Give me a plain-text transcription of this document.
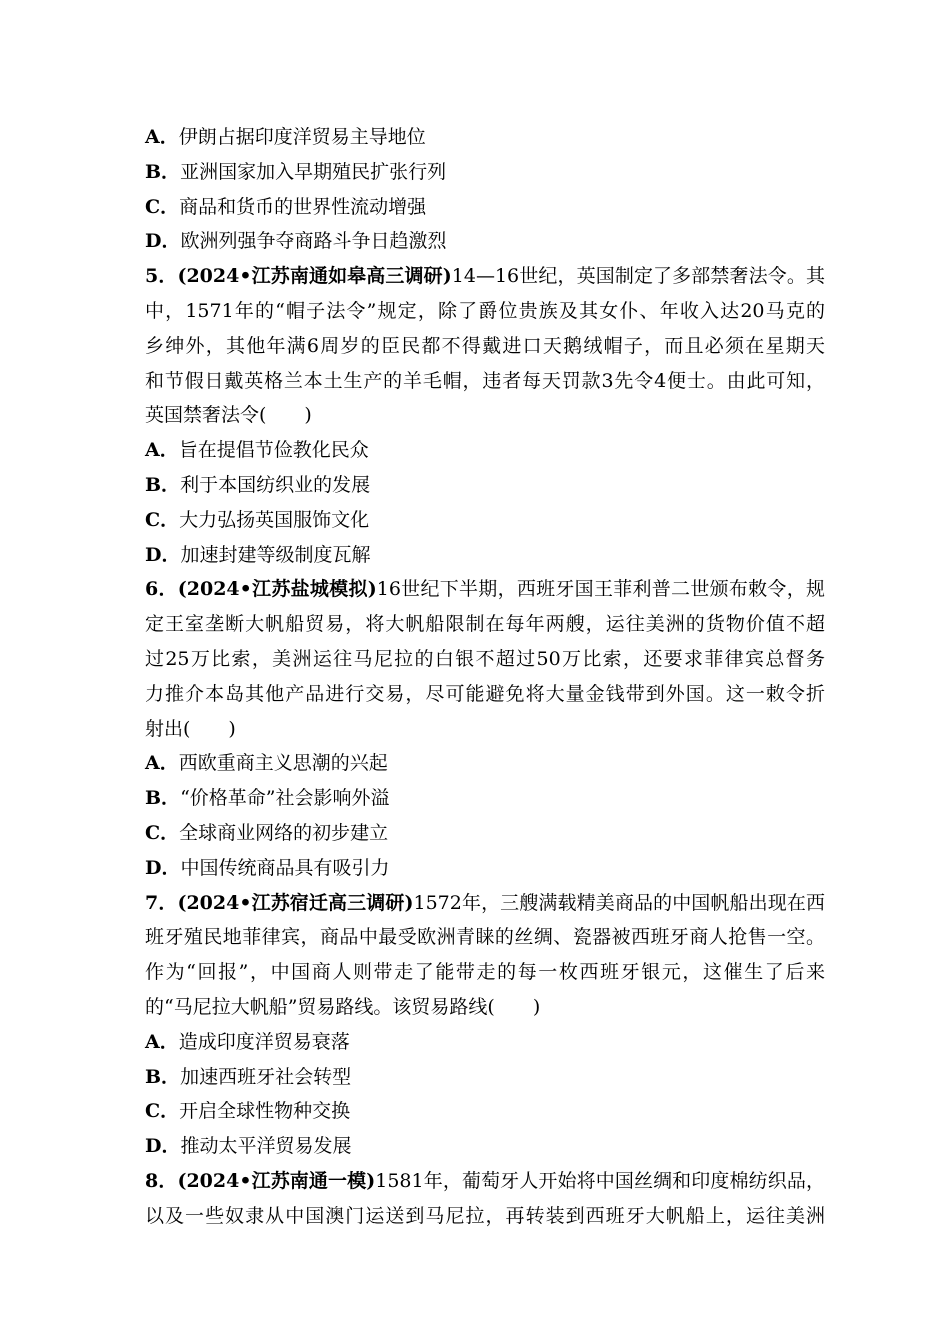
A．伊朗占据印度洋贸易主导地位
B．亚洲国家加入早期殖民扩张行列
C．商品和货币的世界性流动增强
D．欧洲列强争夺商路斗争日趋激烈
5．(2024•江苏南通如皋高三调研)14—16世纪，英国制定了多部禁奢法令。其
中，1571年的“帽子法令”规定，除了爵位贵族及其女仆、年收入达20马克的
乡绅外，其他年满6周岁的臣民都不得戴进口天鹅绒帽子，而且必须在星期天
和节假日戴英格兰本土生产的羊毛帽，违者每天罚款3先令4便士。由此可知，
英国禁奢法令(　　)
A．旨在提倡节俭教化民众
B．利于本国纺织业的发展
C．大力弘扬英国服饰文化
D．加速封建等级制度瓦解
6．(2024•江苏盐城模拟)16世纪下半期，西班牙国王菲利普二世颁布敕令，规
定王室垄断大帆船贸易，将大帆船限制在每年两艘，运往美洲的货物价值不超
过25万比索，美洲运往马尼拉的白银不超过50万比索，还要求菲律宾总督务
力推介本岛其他产品进行交易，尽可能避免将大量金钱带到外国。这一敕令折
射出(　　)
A．西欧重商主义思潮的兴起
B．“价格革命”社会影响外溢
C．全球商业网络的初步建立
D．中国传统商品具有吸引力
7．(2024•江苏宿迁高三调研)1572年，三艘满载精美商品的中国帆船出现在西
班牙殖民地菲律宾，商品中最受欧洲青睐的丝绸、瓷器被西班牙商人抢售一空。
作为“回报”，中国商人则带走了能带走的每一枚西班牙银元，这催生了后来
的“马尼拉大帆船”贸易路线。该贸易路线(　　)
A．造成印度洋贸易衰落
B．加速西班牙社会转型
C．开启全球性物种交换
D．推动太平洋贸易发展
8．(2024•江苏南通一模)1581年，葡萄牙人开始将中国丝绸和印度棉纺织品，
以及一些奴隶从中国澳门运送到马尼拉，再转装到西班牙大帆船上，运往美洲
